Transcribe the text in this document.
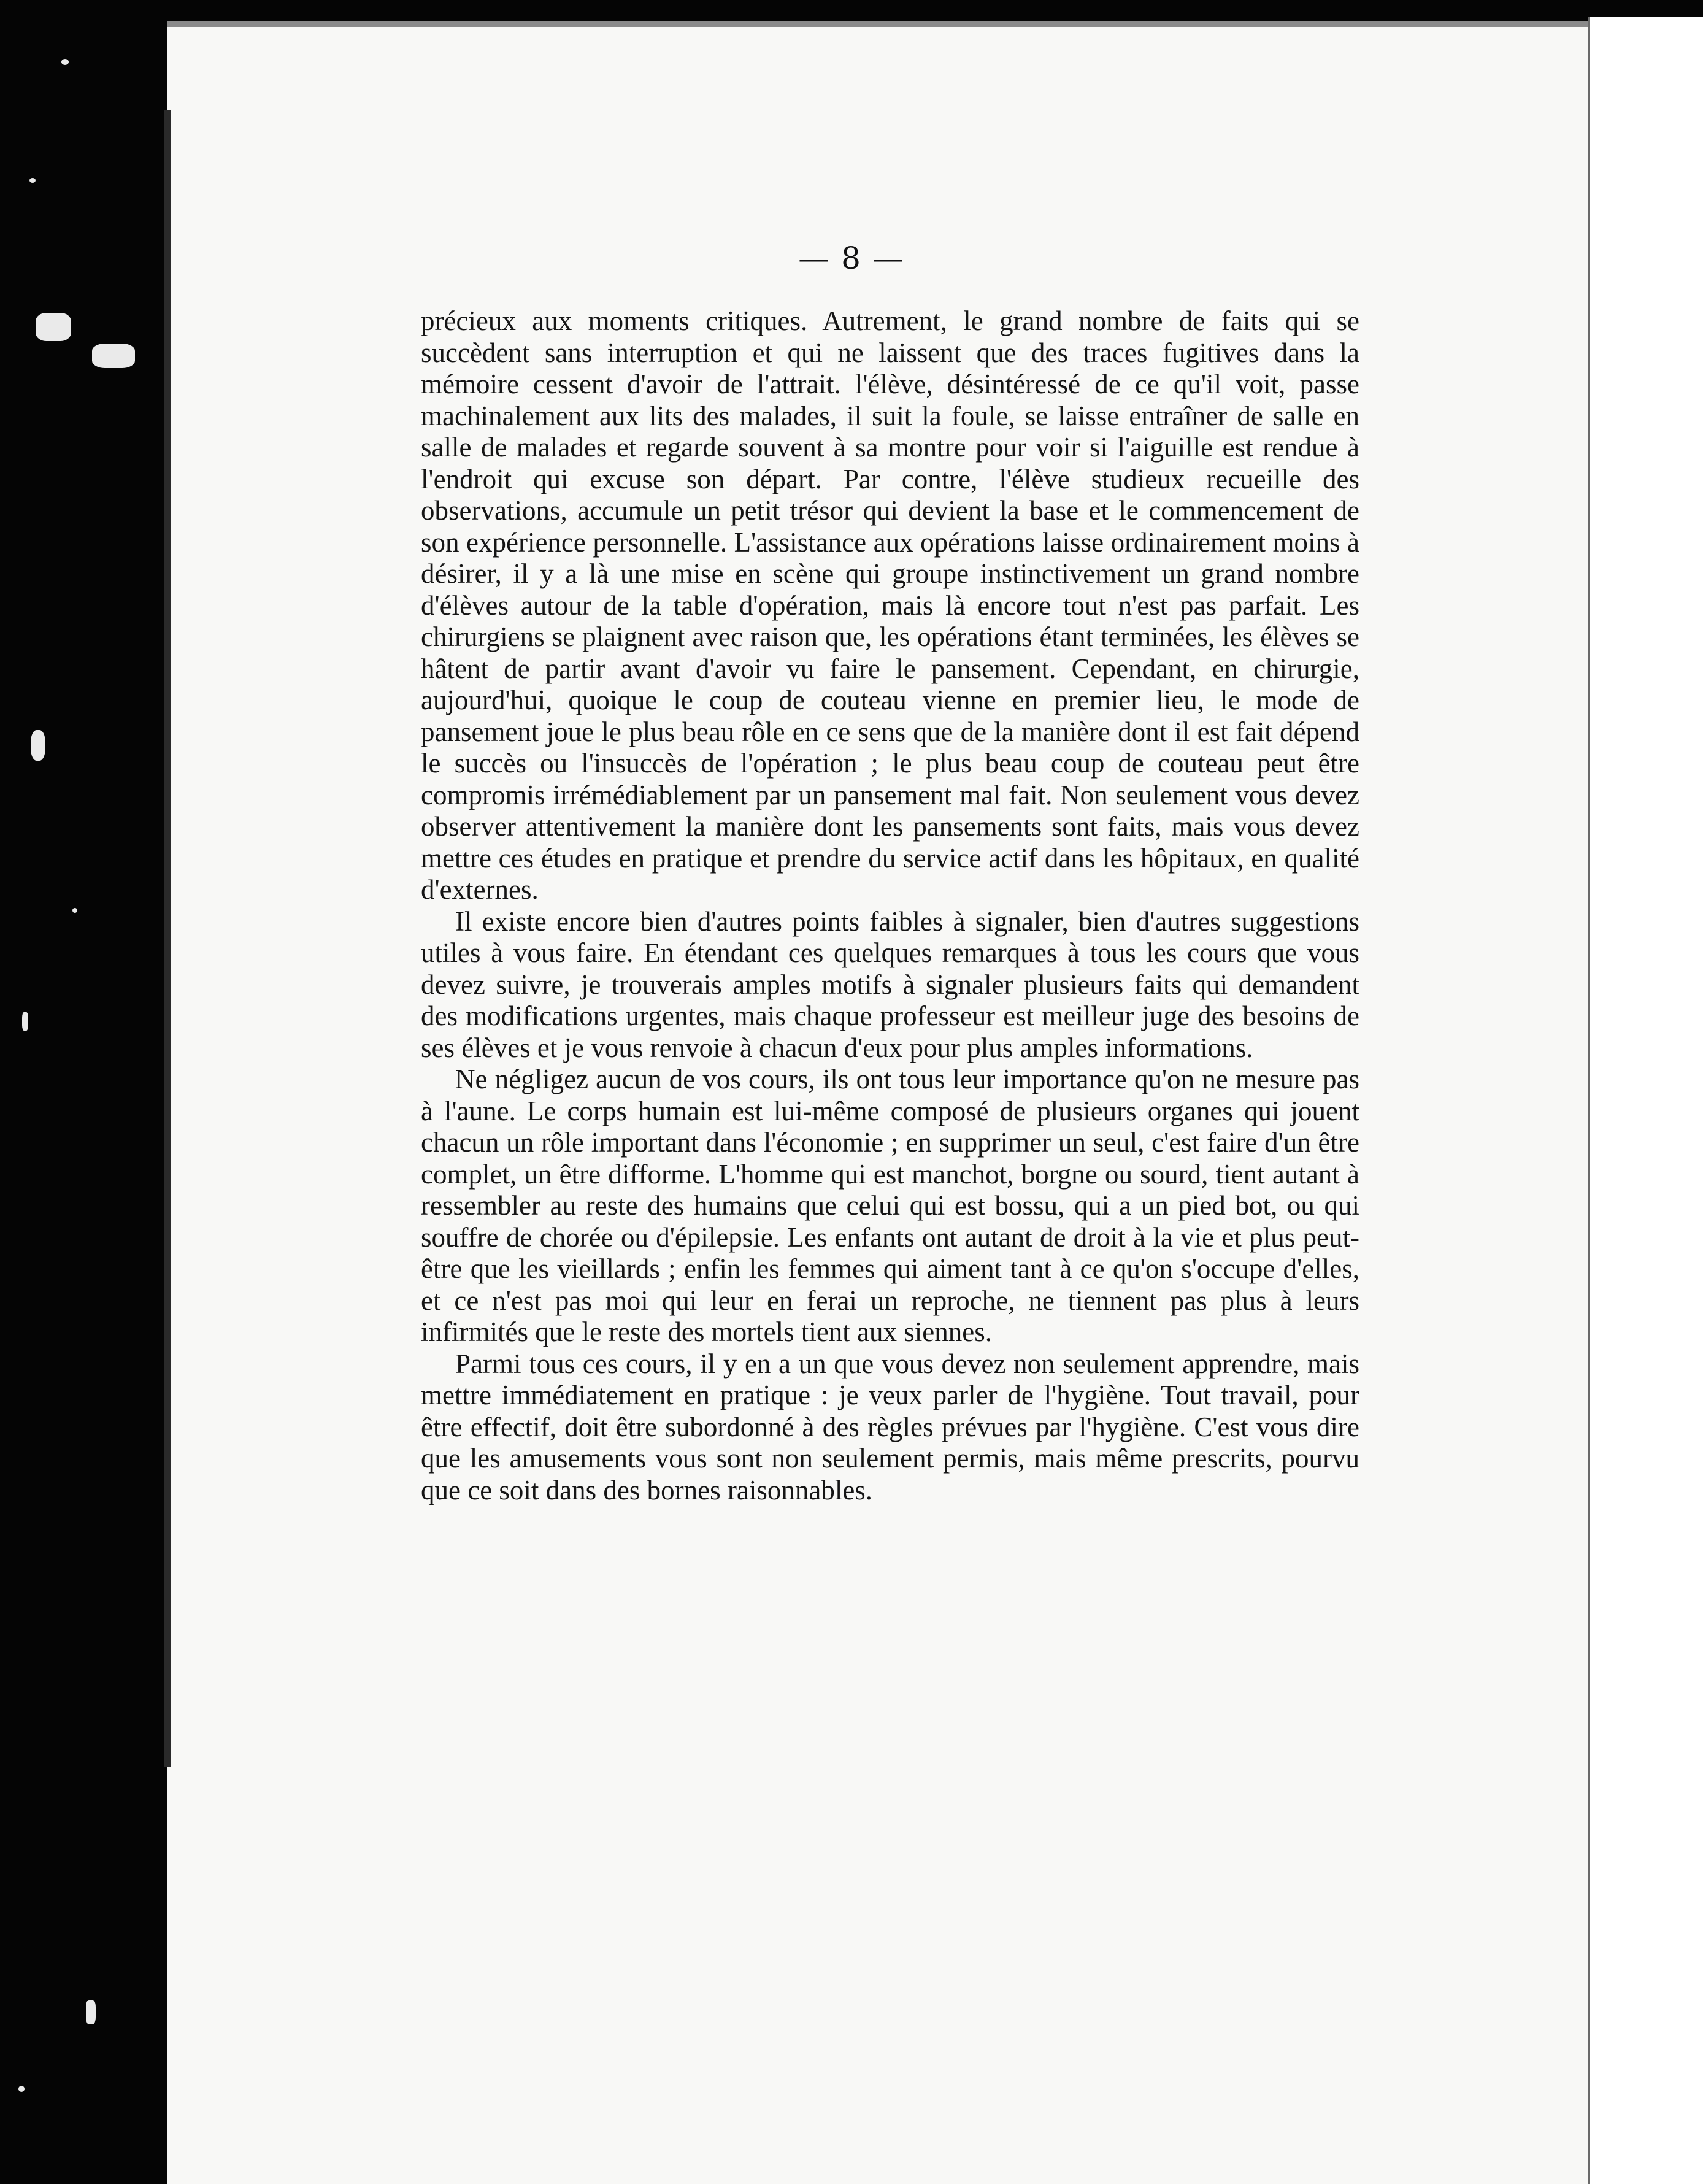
— 8 —

précieux aux moments critiques. Autrement, le grand nombre de faits qui se succèdent sans interruption et qui ne laissent que des traces fugitives dans la mémoire cessent d'avoir de l'attrait. l'élève, désintéressé de ce qu'il voit, passe machinalement aux lits des malades, il suit la foule, se laisse entraîner de salle en salle de malades et regarde souvent à sa montre pour voir si l'aiguille est rendue à l'endroit qui excuse son départ. Par contre, l'élève studieux recueille des observations, accumule un petit trésor qui devient la base et le commencement de son expérience personnelle. L'assistance aux opérations laisse ordinairement moins à désirer, il y a là une mise en scène qui groupe instinctivement un grand nombre d'élèves autour de la table d'opération, mais là encore tout n'est pas parfait. Les chirurgiens se plaignent avec raison que, les opérations étant terminées, les élèves se hâtent de partir avant d'avoir vu faire le pansement. Cependant, en chirurgie, aujourd'hui, quoique le coup de couteau vienne en premier lieu, le mode de pansement joue le plus beau rôle en ce sens que de la manière dont il est fait dépend le succès ou l'insuccès de l'opération ; le plus beau coup de couteau peut être compromis irrémédiablement par un pansement mal fait. Non seulement vous devez observer attentivement la manière dont les pansements sont faits, mais vous devez mettre ces études en pratique et prendre du service actif dans les hôpitaux, en qualité d'externes.

Il existe encore bien d'autres points faibles à signaler, bien d'autres suggestions utiles à vous faire. En étendant ces quelques remarques à tous les cours que vous devez suivre, je trouverais amples motifs à signaler plusieurs faits qui demandent des modifications urgentes, mais chaque professeur est meilleur juge des besoins de ses élèves et je vous renvoie à chacun d'eux pour plus amples informations.

Ne négligez aucun de vos cours, ils ont tous leur importance qu'on ne mesure pas à l'aune. Le corps humain est lui-même composé de plusieurs organes qui jouent chacun un rôle important dans l'économie ; en supprimer un seul, c'est faire d'un être complet, un être difforme. L'homme qui est manchot, borgne ou sourd, tient autant à ressembler au reste des humains que celui qui est bossu, qui a un pied bot, ou qui souffre de chorée ou d'épilepsie. Les enfants ont autant de droit à la vie et plus peut-être que les vieillards ; enfin les femmes qui aiment tant à ce qu'on s'occupe d'elles, et ce n'est pas moi qui leur en ferai un reproche, ne tiennent pas plus à leurs infirmités que le reste des mortels tient aux siennes.

Parmi tous ces cours, il y en a un que vous devez non seulement apprendre, mais mettre immédiatement en pratique : je veux parler de l'hygiène. Tout travail, pour être effectif, doit être subordonné à des règles prévues par l'hygiène. C'est vous dire que les amusements vous sont non seulement permis, mais même prescrits, pourvu que ce soit dans des bornes raisonnables.
